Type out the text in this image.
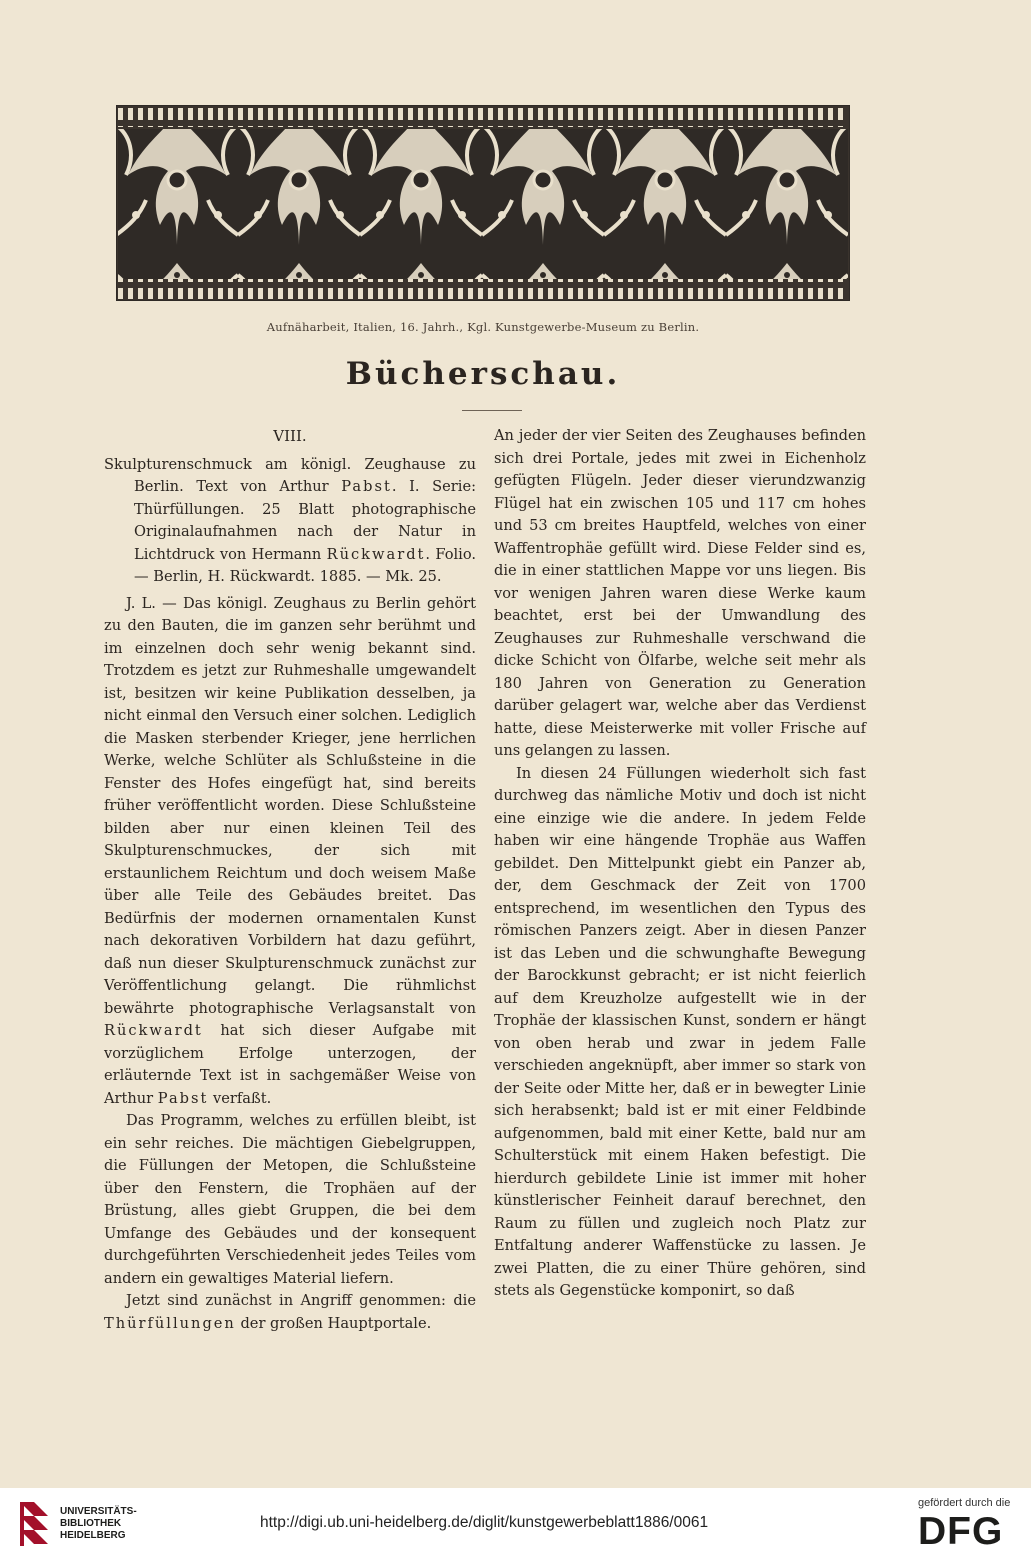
Aufnäharbeit, Italien, 16. Jahrh., Kgl. Kunstgewerbe-Museum zu Berlin.
Bücherschau.

VIII.

Skulpturenschmuck am königl. Zeughause zu Berlin. Text von Arthur Pabst. I. Serie: Thürfüllungen. 25 Blatt photographische Originalaufnahmen nach der Natur in Lichtdruck von Hermann Rückwardt. Folio. — Berlin, H. Rückwardt. 1885. — Mk. 25.

J. L. — Das königl. Zeughaus zu Berlin gehört zu den Bauten, die im ganzen sehr berühmt und im einzelnen doch sehr wenig bekannt sind. Trotzdem es jetzt zur Ruhmeshalle umgewandelt ist, besitzen wir keine Publikation desselben, ja nicht einmal den Versuch einer solchen. Lediglich die Masken sterbender Krieger, jene herrlichen Werke, welche Schlüter als Schlußsteine in die Fenster des Hofes eingefügt hat, sind bereits früher veröffentlicht worden. Diese Schlußsteine bilden aber nur einen kleinen Teil des Skulpturenschmuckes, der sich mit erstaunlichem Reichtum und doch weisem Maße über alle Teile des Gebäudes breitet. Das Bedürfnis der modernen ornamentalen Kunst nach dekorativen Vorbildern hat dazu geführt, daß nun dieser Skulpturenschmuck zunächst zur Veröffentlichung gelangt. Die rühmlichst bewährte photographische Verlagsanstalt von Rückwardt hat sich dieser Aufgabe mit vorzüglichem Erfolge unterzogen, der erläuternde Text ist in sachgemäßer Weise von Arthur Pabst verfaßt.

Das Programm, welches zu erfüllen bleibt, ist ein sehr reiches. Die mächtigen Giebelgruppen, die Füllungen der Metopen, die Schlußsteine über den Fenstern, die Trophäen auf der Brüstung, alles giebt Gruppen, die bei dem Umfange des Gebäudes und der konsequent durchgeführten Verschiedenheit jedes Teiles vom andern ein gewaltiges Material liefern.

Jetzt sind zunächst in Angriff genommen: die Thürfüllungen der großen Hauptportale.

An jeder der vier Seiten des Zeughauses befinden sich drei Portale, jedes mit zwei in Eichenholz gefügten Flügeln. Jeder dieser vierundzwanzig Flügel hat ein zwischen 105 und 117 cm hohes und 53 cm breites Hauptfeld, welches von einer Waffentrophäe gefüllt wird. Diese Felder sind es, die in einer stattlichen Mappe vor uns liegen. Bis vor wenigen Jahren waren diese Werke kaum beachtet, erst bei der Umwandlung des Zeughauses zur Ruhmeshalle verschwand die dicke Schicht von Ölfarbe, welche seit mehr als 180 Jahren von Generation zu Generation darüber gelagert war, welche aber das Verdienst hatte, diese Meisterwerke mit voller Frische auf uns gelangen zu lassen.

In diesen 24 Füllungen wiederholt sich fast durchweg das nämliche Motiv und doch ist nicht eine einzige wie die andere. In jedem Felde haben wir eine hängende Trophäe aus Waffen gebildet. Den Mittelpunkt giebt ein Panzer ab, der, dem Geschmack der Zeit von 1700 entsprechend, im wesentlichen den Typus des römischen Panzers zeigt. Aber in diesen Panzer ist das Leben und die schwunghafte Bewegung der Barockkunst gebracht; er ist nicht feierlich auf dem Kreuzholze aufgestellt wie in der Trophäe der klassischen Kunst, sondern er hängt von oben herab und zwar in jedem Falle verschieden angeknüpft, aber immer so stark von der Seite oder Mitte her, daß er in bewegter Linie sich herabsenkt; bald ist er mit einer Feldbinde aufgenommen, bald mit einer Kette, bald nur am Schulterstück mit einem Haken befestigt. Die hierdurch gebildete Linie ist immer mit hoher künstlerischer Feinheit darauf berechnet, den Raum zu füllen und zugleich noch Platz zur Entfaltung anderer Waffenstücke zu lassen. Je zwei Platten, die zu einer Thüre gehören, sind stets als Gegenstücke komponirt, so daß

UNIVERSITÄTS-
BIBLIOTHEK
HEIDELBERG
http://digi.ub.uni-heidelberg.de/diglit/kunstgewerbeblatt1886/0061
gefördert durch die
DFG
